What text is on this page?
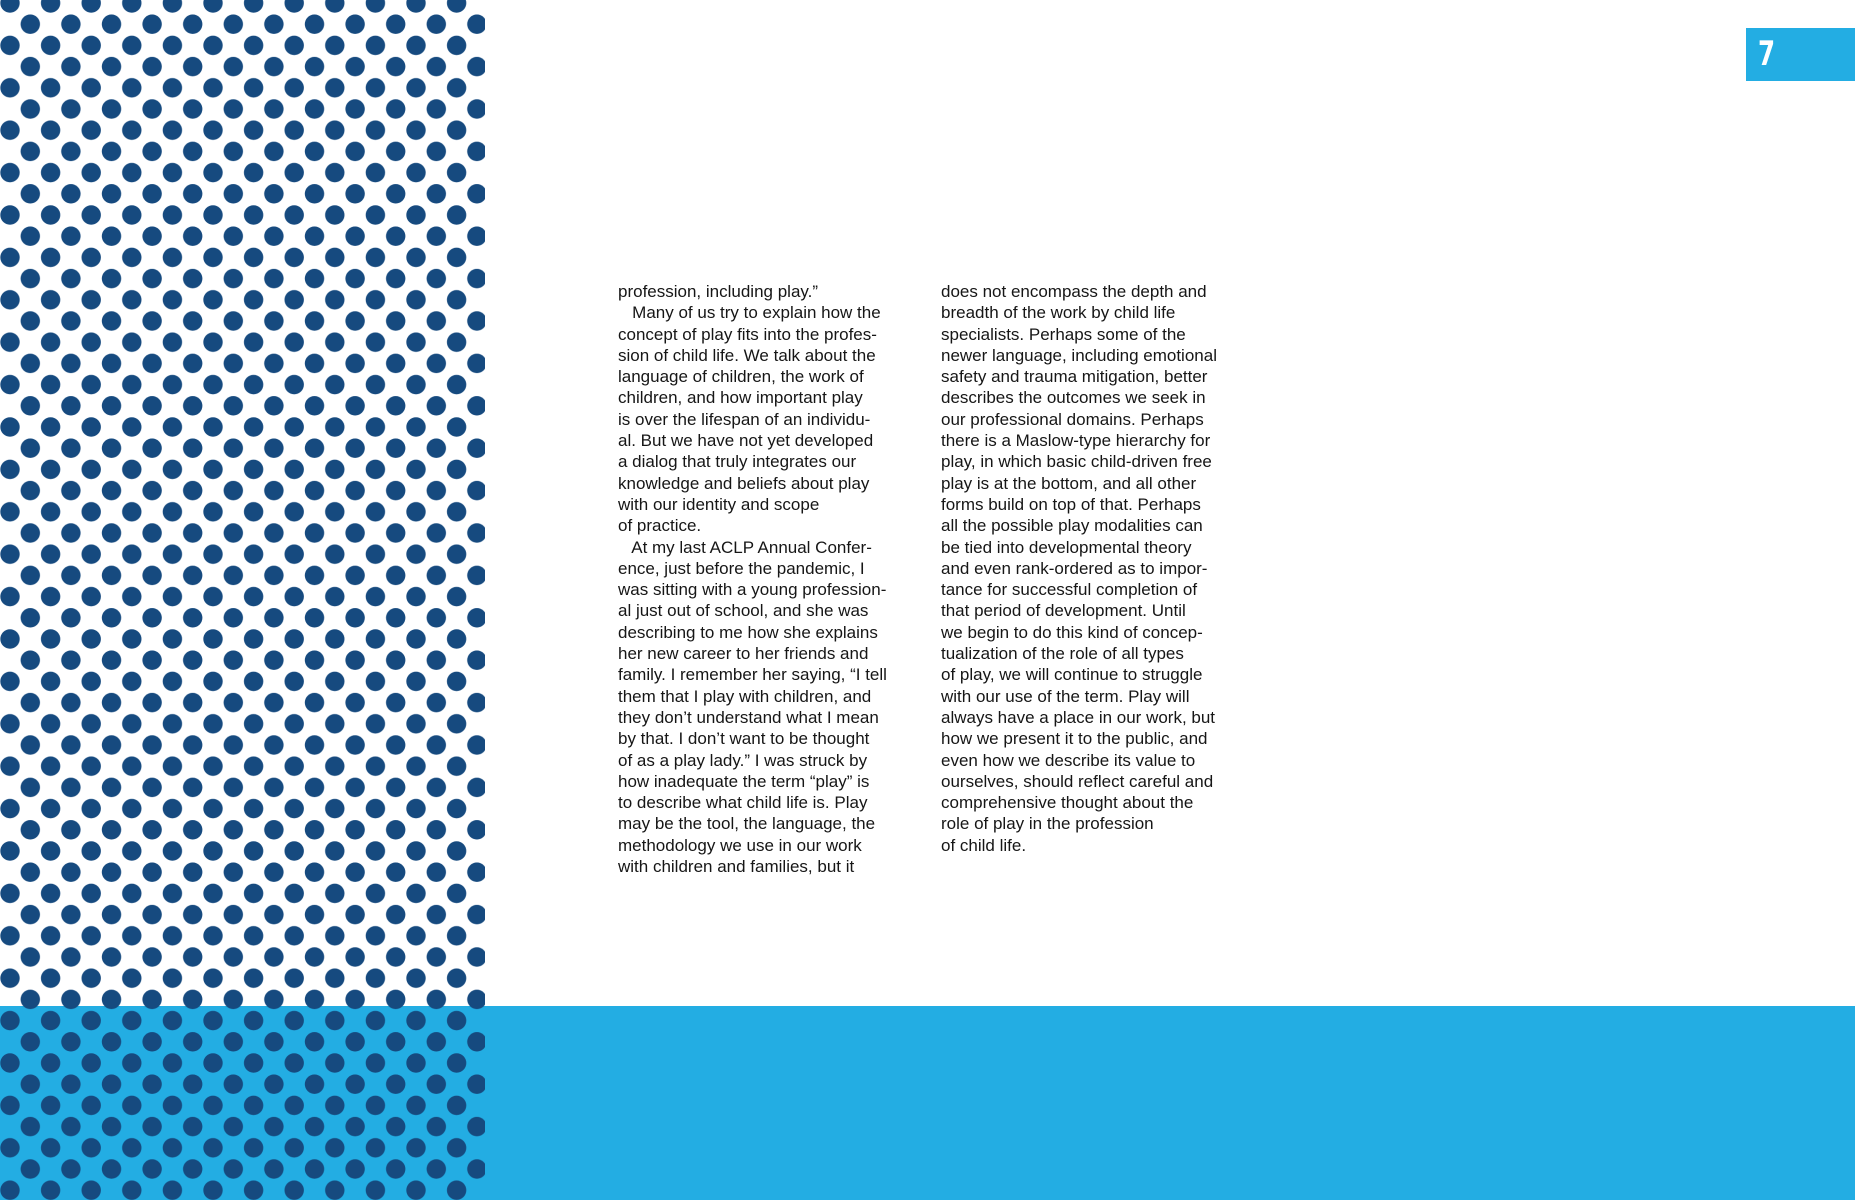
7
profession, including play.”
Many of us try to explain how the
concept of play fits into the profes-
sion of child life. We talk about the
language of children, the work of
children, and how important play
is over the lifespan of an individu-
al. But we have not yet developed
a dialog that truly integrates our
knowledge and beliefs about play
with our identity and scope
of practice.
At my last ACLP Annual Confer-
ence, just before the pandemic, I
was sitting with a young profession-
al just out of school, and she was
describing to me how she explains
her new career to her friends and
family. I remember her saying, “I tell
them that I play with children, and
they don’t understand what I mean
by that. I don’t want to be thought
of as a play lady.” I was struck by
how inadequate the term “play” is
to describe what child life is. Play
may be the tool, the language, the
methodology we use in our work
with children and families, but it
does not encompass the depth and
breadth of the work by child life
specialists. Perhaps some of the
newer language, including emotional
safety and trauma mitigation, better
describes the outcomes we seek in
our professional domains. Perhaps
there is a Maslow-type hierarchy for
play, in which basic child-driven free
play is at the bottom, and all other
forms build on top of that. Perhaps
all the possible play modalities can
be tied into developmental theory
and even rank-ordered as to impor-
tance for successful completion of
that period of development. Until
we begin to do this kind of concep-
tualization of the role of all types
of play, we will continue to struggle
with our use of the term. Play will
always have a place in our work, but
how we present it to the public, and
even how we describe its value to
ourselves, should reflect careful and
comprehensive thought about the
role of play in the profession
of child life.
